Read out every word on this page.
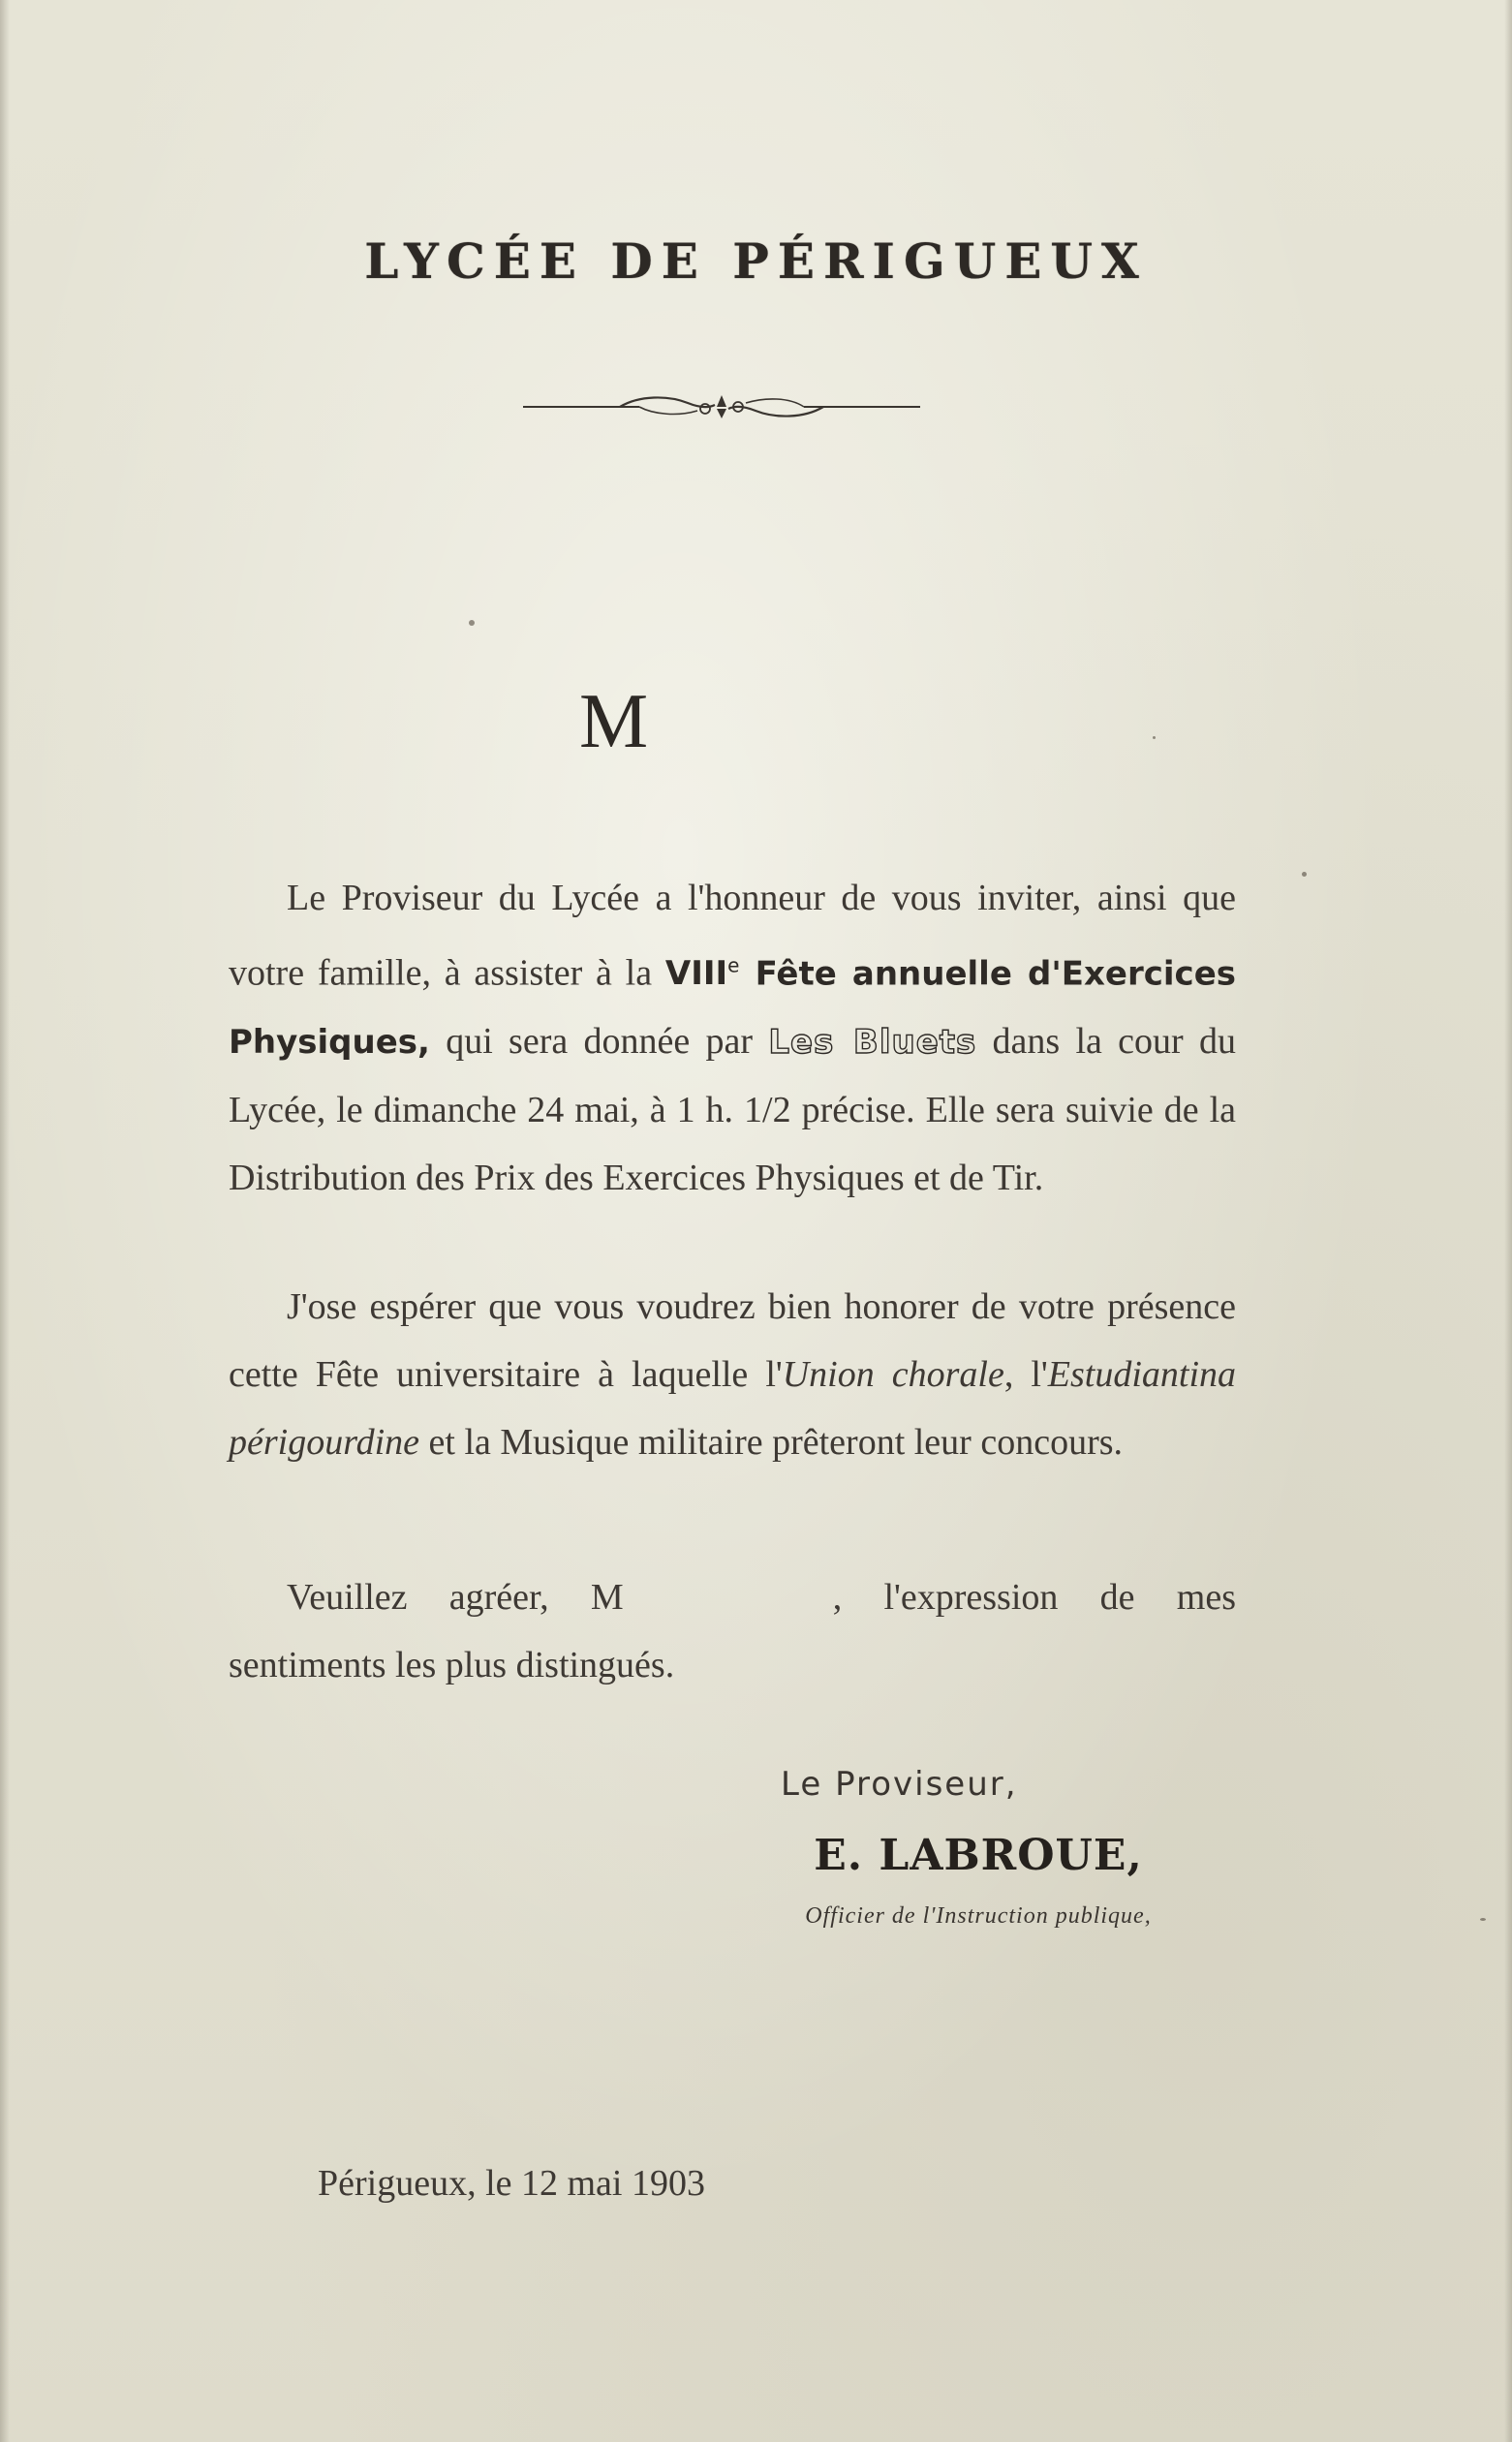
LYCÉE DE PÉRIGUEUX
M
Le Proviseur du Lycée a l'honneur de vous inviter, ainsi que votre famille, à assister à la VIIIe Fête annuelle d'Exercices Physiques, qui sera donnée par Les Bluets dans la cour du Lycée, le dimanche 24 mai, à 1 h. 1/2 précise. Elle sera suivie de la Distribution des Prix des Exercices Physiques et de Tir.
J'ose espérer que vous voudrez bien honorer de votre présence cette Fête universitaire à laquelle l'Union chorale, l'Estudiantina périgourdine et la Musique militaire prêteront leur concours.
Veuillez agréer, M	, l'expression de mes sentiments les plus distingués.
Le Proviseur,
E. LABROUE,
Officier de l'Instruction publique,
Périgueux, le 12 mai 1903
